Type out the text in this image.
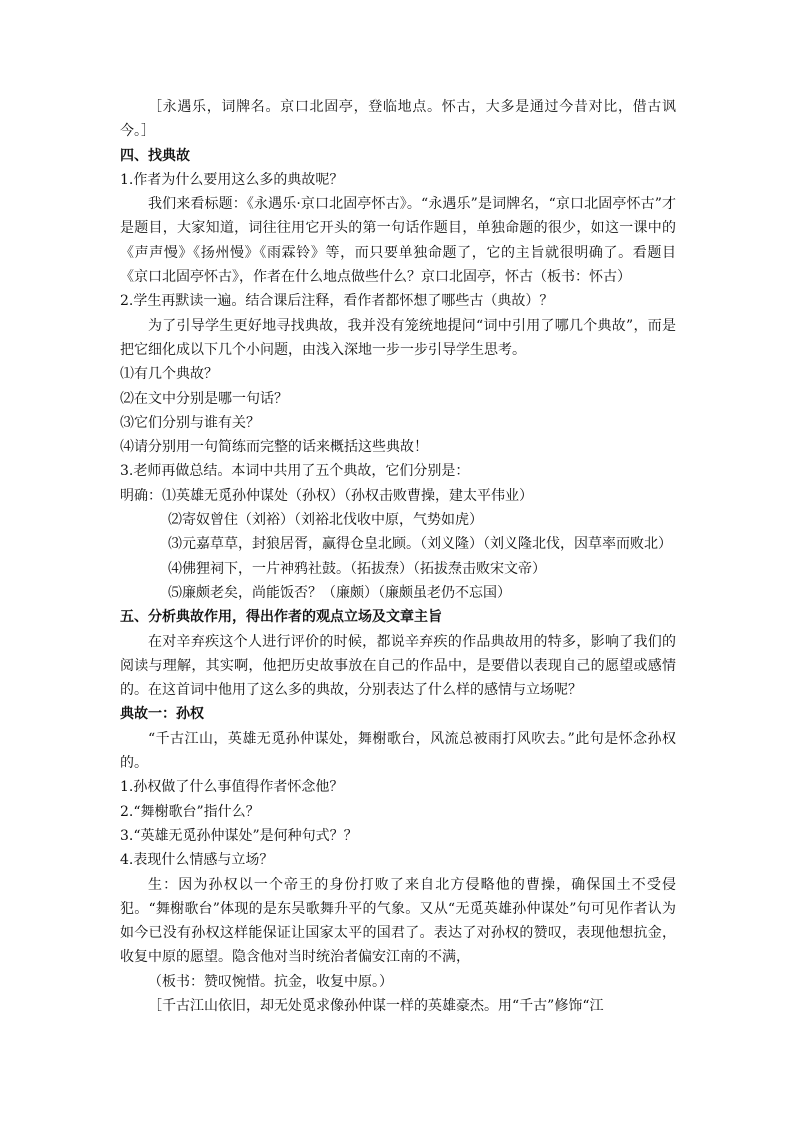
［永遇乐，词牌名。京口北固亭，登临地点。怀古，大多是通过今昔对比，借古讽今。］

四、找典故

1.作者为什么要用这么多的典故呢？

我们来看标题：《永遇乐·京口北固亭怀古》。“永遇乐”是词牌名，“京口北固亭怀古”才是题目，大家知道，词往往用它开头的第一句话作题目，单独命题的很少，如这一课中的《声声慢》《扬州慢》《雨霖铃》等，而只要单独命题了，它的主旨就很明确了。看题目《京口北固亭怀古》，作者在什么地点做些什么？京口北固亭，怀古（板书：怀古）

2.学生再默读一遍。结合课后注释，看作者都怀想了哪些古（典故）？

为了引导学生更好地寻找典故，我并没有笼统地提问“词中引用了哪几个典故”，而是把它细化成以下几个小问题，由浅入深地一步一步引导学生思考。

⑴有几个典故？

⑵在文中分别是哪一句话？

⑶它们分别与谁有关？

⑷请分别用一句简练而完整的话来概括这些典故！

3.老师再做总结。本词中共用了五个典故，它们分别是：

明确：⑴英雄无觅孙仲谋处（孙权）（孙权击败曹操，建太平伟业）

⑵寄奴曾住（刘裕）（刘裕北伐收中原，气势如虎）

⑶元嘉草草，封狼居胥，赢得仓皇北顾。（刘义隆）（刘义隆北伐，因草率而败北）

⑷佛狸祠下，一片神鸦社鼓。（拓拔焘）（拓拔焘击败宋文帝）

⑸廉颇老矣，尚能饭否？（廉颇）（廉颇虽老仍不忘国）

五、分析典故作用，得出作者的观点立场及文章主旨

在对辛弃疾这个人进行评价的时候，都说辛弃疾的作品典故用的特多，影响了我们的阅读与理解，其实啊，他把历史故事放在自己的作品中，是要借以表现自己的愿望或感情的。在这首词中他用了这么多的典故，分别表达了什么样的感情与立场呢？

典故一：孙权

“千古江山，英雄无觅孙仲谋处，舞榭歌台，风流总被雨打风吹去。”此句是怀念孙权的。

1.孙权做了什么事值得作者怀念他？

2.“舞榭歌台”指什么？

3.“英雄无觅孙仲谋处”是何种句式？？

4.表现什么情感与立场？

生：因为孙权以一个帝王的身份打败了来自北方侵略他的曹操，确保国土不受侵犯。“舞榭歌台”体现的是东吴歌舞升平的气象。又从“无觅英雄孙仲谋处”句可见作者认为如今已没有孙权这样能保证让国家太平的国君了。表达了对孙权的赞叹，表现他想抗金，收复中原的愿望。隐含他对当时统治者偏安江南的不满，

（板书：赞叹惋惜。抗金，收复中原。）

［千古江山依旧，却无处觅求像孙仲谋一样的英雄豪杰。用“千古”修饰“江
